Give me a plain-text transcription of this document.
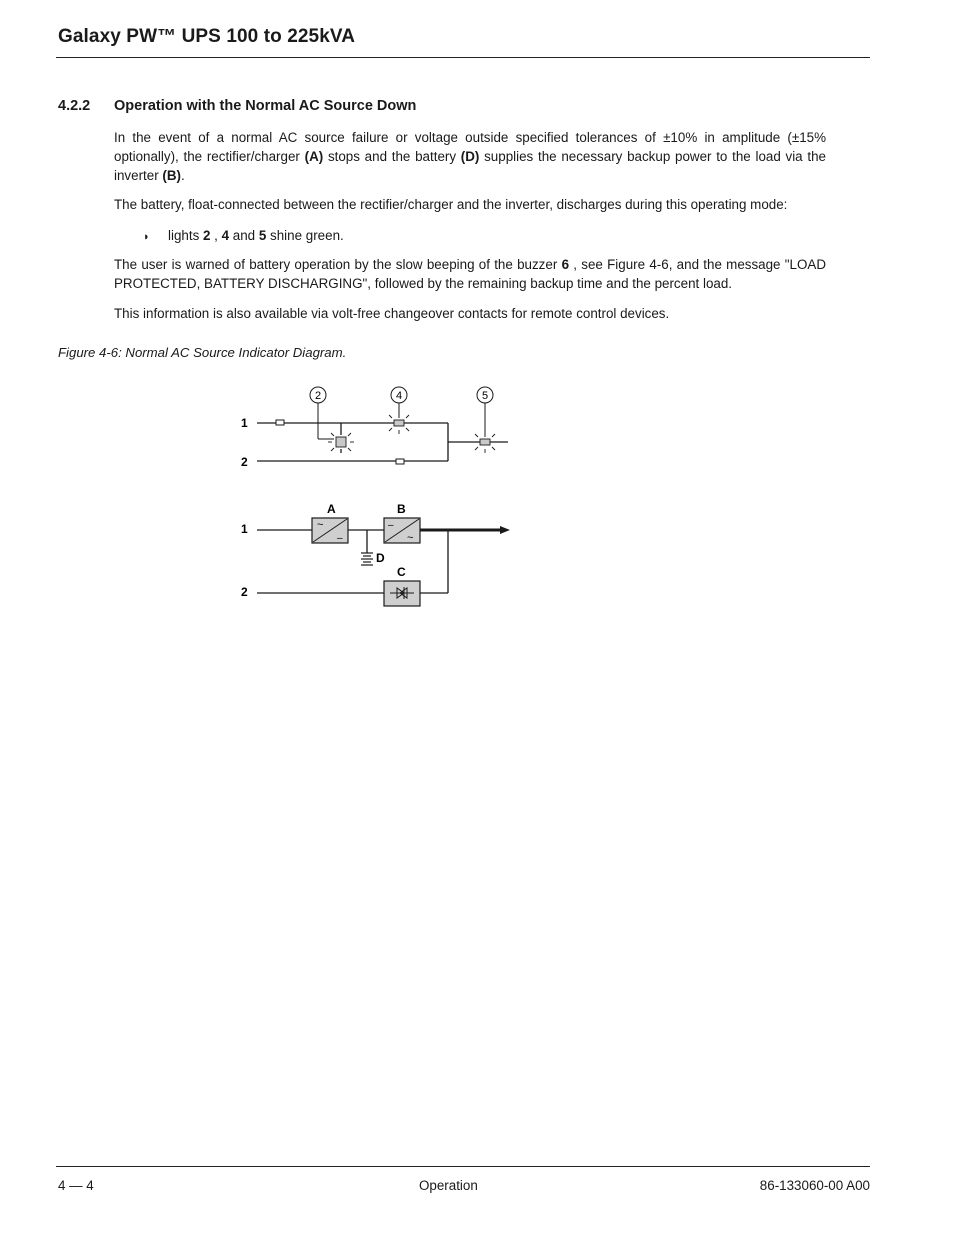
Galaxy PW™ UPS 100 to 225kVA
4.2.2 Operation with the Normal AC Source Down
In the event of a normal AC source failure or voltage outside specified tolerances of ±10% in amplitude (±15% optionally), the rectifier/charger (A) stops and the battery (D) supplies the necessary backup power to the load via the inverter (B).
The battery, float-connected between the rectifier/charger and the inverter, discharges during this operating mode:
◗ lights 2 , 4 and 5 shine green.
The user is warned of battery operation by the slow beeping of the buzzer 6 , see Figure 4-6, and the message "LOAD PROTECTED, BATTERY DISCHARGING", followed by the remaining backup time and the percent load.
This information is also available via volt-free changeover contacts for remote control devices.
Figure 4-6: Normal AC Source Indicator Diagram.
1
2
2	4	5
1
2
A	B
C
D
~
–
–
~
4 — 4	Operation	86-133060-00 A00
